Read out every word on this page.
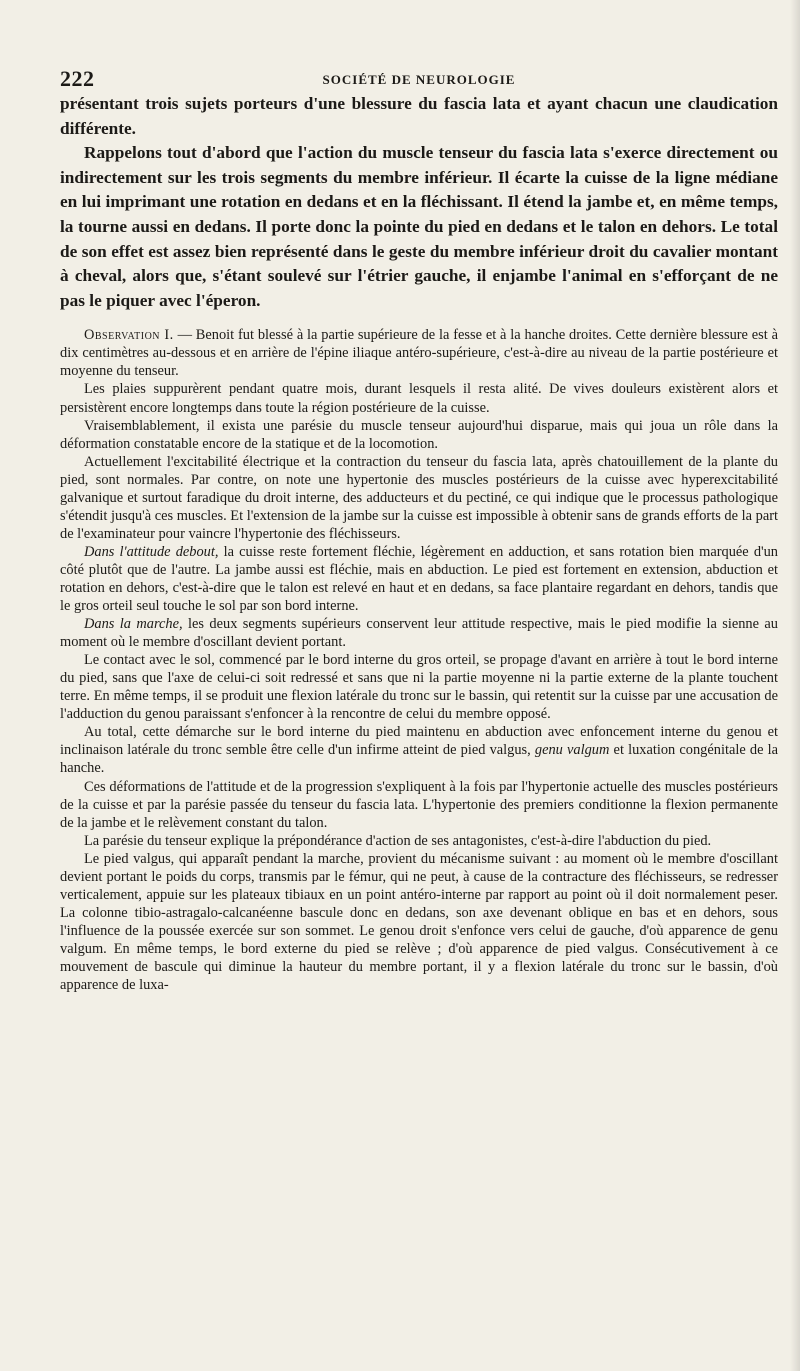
222	SOCIÉTÉ DE NEUROLOGIE

présentant trois sujets porteurs d'une blessure du fascia lata et ayant chacun une claudication différente.

Rappelons tout d'abord que l'action du muscle tenseur du fascia lata s'exerce directement ou indirectement sur les trois segments du membre inférieur. Il écarte la cuisse de la ligne médiane en lui imprimant une rotation en dedans et en la fléchissant. Il étend la jambe et, en même temps, la tourne aussi en dedans. Il porte donc la pointe du pied en dedans et le talon en dehors. Le total de son effet est assez bien représenté dans le geste du membre inférieur droit du cavalier montant à cheval, alors que, s'étant soulevé sur l'étrier gauche, il enjambe l'animal en s'efforçant de ne pas le piquer avec l'éperon.

Observation I. — Benoit fut blessé à la partie supérieure de la fesse et à la hanche droites. Cette dernière blessure est à dix centimètres au-dessous et en arrière de l'épine iliaque antéro-supérieure, c'est-à-dire au niveau de la partie postérieure et moyenne du tenseur.

Les plaies suppurèrent pendant quatre mois, durant lesquels il resta alité. De vives douleurs existèrent alors et persistèrent encore longtemps dans toute la région postérieure de la cuisse.

Vraisemblablement, il exista une parésie du muscle tenseur aujourd'hui disparue, mais qui joua un rôle dans la déformation constatable encore de la statique et de la locomotion.

Actuellement l'excitabilité électrique et la contraction du tenseur du fascia lata, après chatouillement de la plante du pied, sont normales. Par contre, on note une hypertonie des muscles postérieurs de la cuisse avec hyperexcitabilité galvanique et surtout faradique du droit interne, des adducteurs et du pectiné, ce qui indique que le processus pathologique s'étendit jusqu'à ces muscles. Et l'extension de la jambe sur la cuisse est impossible à obtenir sans de grands efforts de la part de l'examinateur pour vaincre l'hypertonie des fléchisseurs.

Dans l'attitude debout, la cuisse reste fortement fléchie, légèrement en adduction, et sans rotation bien marquée d'un côté plutôt que de l'autre. La jambe aussi est fléchie, mais en abduction. Le pied est fortement en extension, abduction et rotation en dehors, c'est-à-dire que le talon est relevé en haut et en dedans, sa face plantaire regardant en dehors, tandis que le gros orteil seul touche le sol par son bord interne.

Dans la marche, les deux segments supérieurs conservent leur attitude respective, mais le pied modifie la sienne au moment où le membre d'oscillant devient portant.

Le contact avec le sol, commencé par le bord interne du gros orteil, se propage d'avant en arrière à tout le bord interne du pied, sans que l'axe de celui-ci soit redressé et sans que ni la partie moyenne ni la partie externe de la plante touchent terre. En même temps, il se produit une flexion latérale du tronc sur le bassin, qui retentit sur la cuisse par une accusation de l'adduction du genou paraissant s'enfoncer à la rencontre de celui du membre opposé.

Au total, cette démarche sur le bord interne du pied maintenu en abduction avec enfoncement interne du genou et inclinaison latérale du tronc semble être celle d'un infirme atteint de pied valgus, genu valgum et luxation congénitale de la hanche.

Ces déformations de l'attitude et de la progression s'expliquent à la fois par l'hypertonie actuelle des muscles postérieurs de la cuisse et par la parésie passée du tenseur du fascia lata. L'hypertonie des premiers conditionne la flexion permanente de la jambe et le relèvement constant du talon.

La parésie du tenseur explique la prépondérance d'action de ses antagonistes, c'est-à-dire l'abduction du pied.

Le pied valgus, qui apparaît pendant la marche, provient du mécanisme suivant : au moment où le membre d'oscillant devient portant le poids du corps, transmis par le fémur, qui ne peut, à cause de la contracture des fléchisseurs, se redresser verticalement, appuie sur les plateaux tibiaux en un point antéro-interne par rapport au point où il doit normalement peser. La colonne tibio-astragalo-calcanéenne bascule donc en dedans, son axe devenant oblique en bas et en dehors, sous l'influence de la poussée exercée sur son sommet. Le genou droit s'enfonce vers celui de gauche, d'où apparence de genu valgum. En même temps, le bord externe du pied se relève ; d'où apparence de pied valgus. Consécutivement à ce mouvement de bascule qui diminue la hauteur du membre portant, il y a flexion latérale du tronc sur le bassin, d'où apparence de luxa-
